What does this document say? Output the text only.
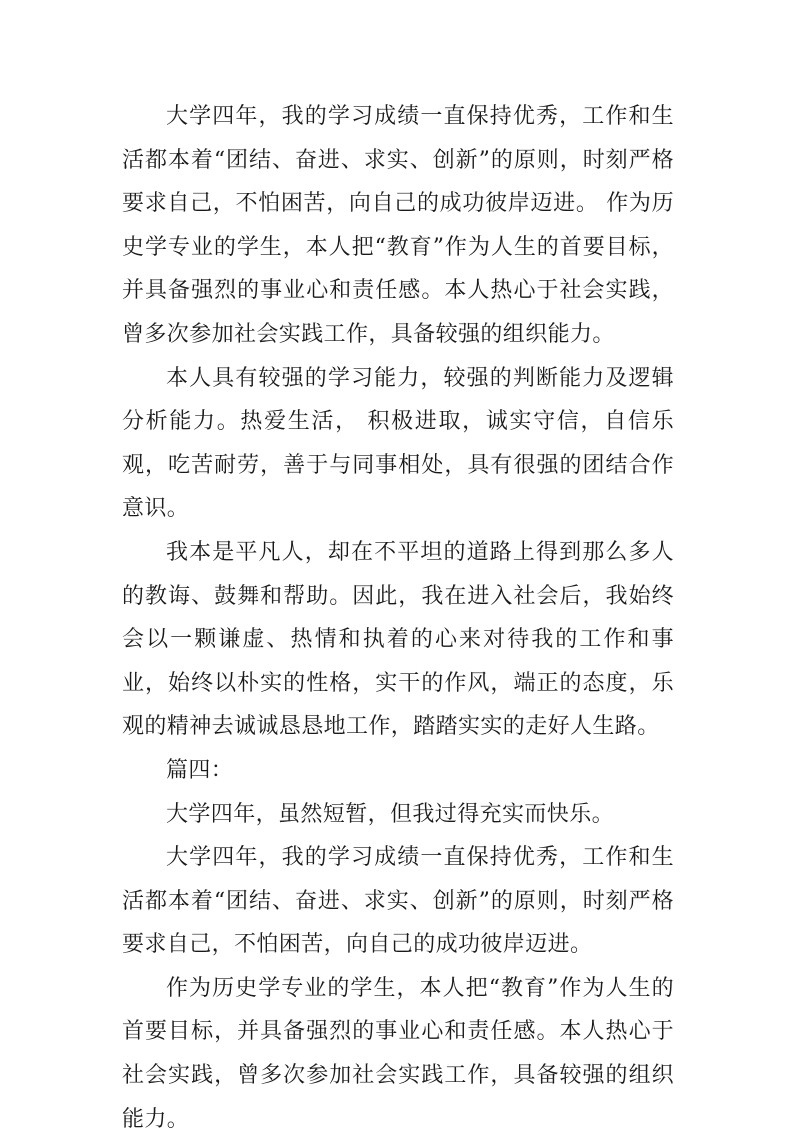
大学四年，我的学习成绩一直保持优秀，工作和生活都本着“团结、奋进、求实、创新”的原则，时刻严格要求自己，不怕困苦，向自己的成功彼岸迈进。 作为历史学专业的学生，本人把“教育”作为人生的首要目标，并具备强烈的事业心和责任感。本人热心于社会实践，曾多次参加社会实践工作，具备较强的组织能力。

本人具有较强的学习能力，较强的判断能力及逻辑分析能力。热爱生活， 积极进取，诚实守信，自信乐观，吃苦耐劳，善于与同事相处，具有很强的团结合作意识。

我本是平凡人，却在不平坦的道路上得到那么多人的教诲、鼓舞和帮助。因此，我在进入社会后，我始终会以一颗谦虚、热情和执着的心来对待我的工作和事业，始终以朴实的性格，实干的作风，端正的态度，乐观的精神去诚诚恳恳地工作，踏踏实实的走好人生路。

篇四：

大学四年，虽然短暂，但我过得充实而快乐。

大学四年，我的学习成绩一直保持优秀，工作和生活都本着“团结、奋进、求实、创新”的原则，时刻严格要求自己，不怕困苦，向自己的成功彼岸迈进。

作为历史学专业的学生，本人把“教育”作为人生的首要目标，并具备强烈的事业心和责任感。本人热心于社会实践，曾多次参加社会实践工作，具备较强的组织能力。
